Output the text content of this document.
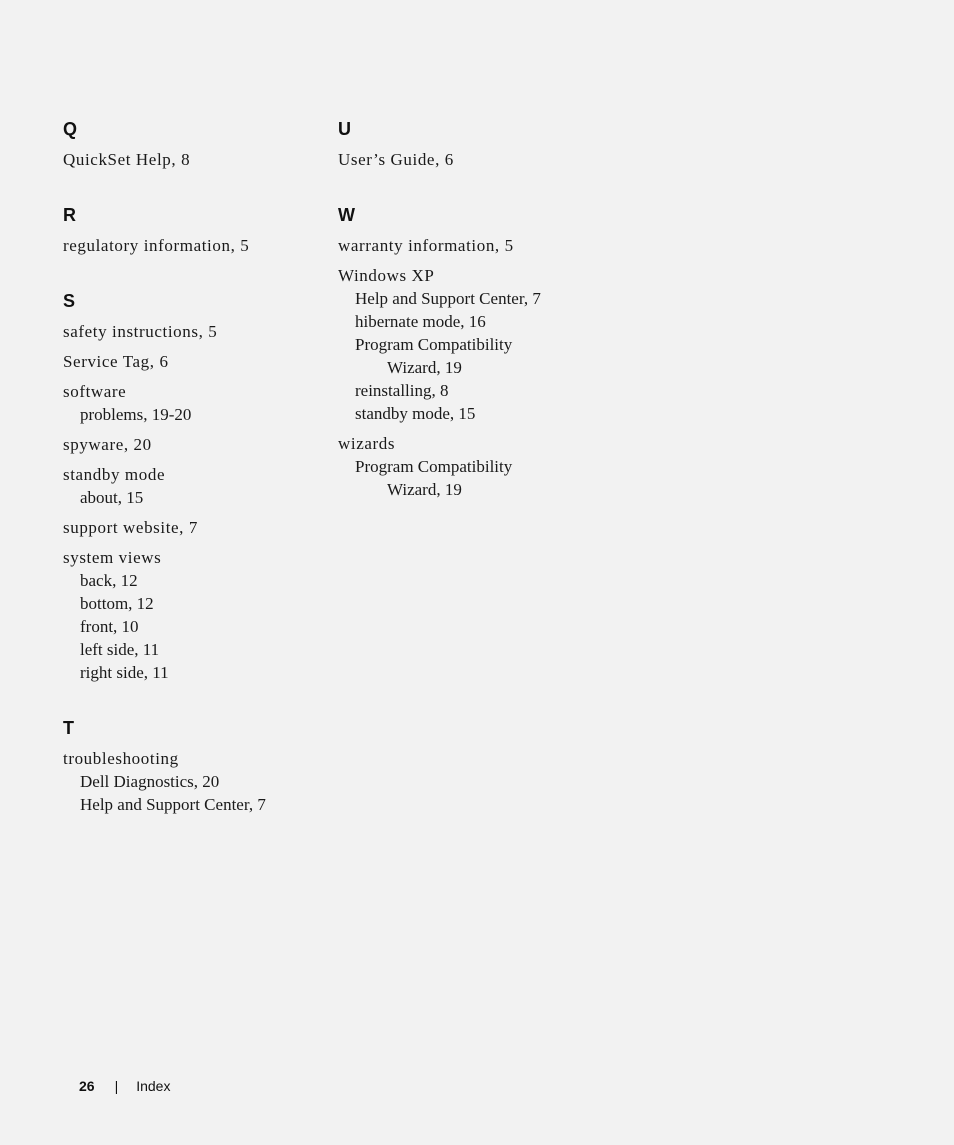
Q
QuickSet Help, 8
R
regulatory information, 5
S
safety instructions, 5
Service Tag, 6
software
problems, 19-20
spyware, 20
standby mode
about, 15
support website, 7
system views
back, 12
bottom, 12
front, 10
left side, 11
right side, 11
T
troubleshooting
Dell Diagnostics, 20
Help and Support Center, 7
U
User’s Guide, 6
W
warranty information, 5
Windows XP
Help and Support Center, 7
hibernate mode, 16
Program Compatibility
Wizard, 19
reinstalling, 8
standby mode, 15
wizards
Program Compatibility
Wizard, 19
26 | Index
